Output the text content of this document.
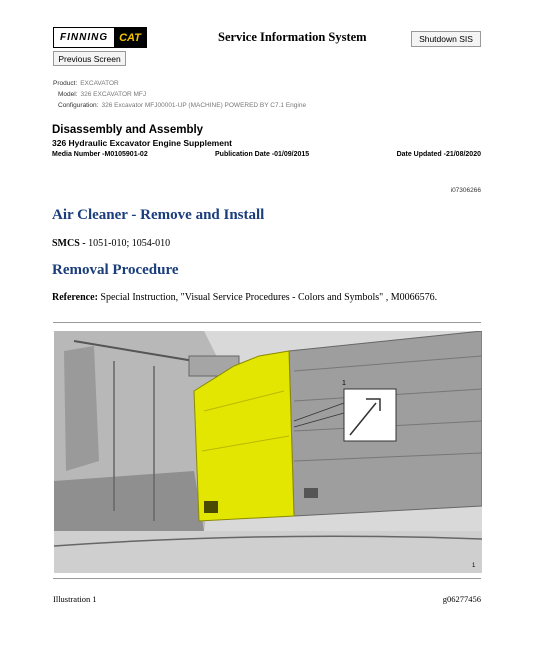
FINNING	CAT	Service Information System	Shutdown SIS
Previous Screen
Product: EXCAVATOR
Model: 326 EXCAVATOR MFJ
Configuration: 326 Excavator MFJ00001-UP (MACHINE) POWERED BY C7.1 Engine
Disassembly and Assembly
326 Hydraulic Excavator Engine Supplement
Media Number -M0105901-02	Publication Date -01/09/2015	Date Updated -21/08/2020
i07306266
Air Cleaner - Remove and Install
SMCS - 1051-010; 1054-010
Removal Procedure
Reference: Special Instruction, "Visual Service Procedures - Colors and Symbols" , M0066576.
1
1
Illustration 1	g06277456
